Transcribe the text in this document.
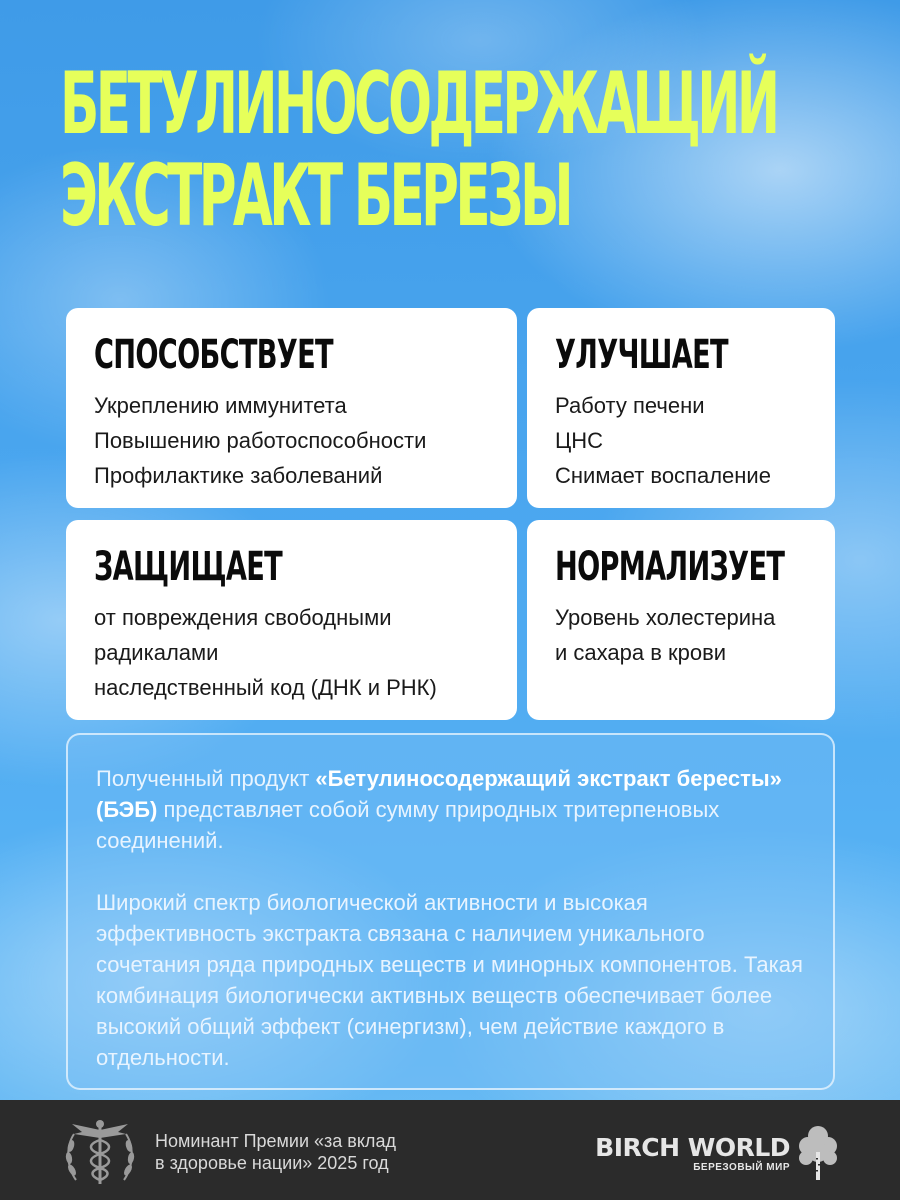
БЕТУЛИНОСОДЕРЖАЩИЙ
ЭКСТРАКТ БЕРЕЗЫ
СПОСОБСТВУЕТ
Укреплению иммунитета
Повышению работоспособности
Профилактике заболеваний
УЛУЧШАЕТ
Работу печени
ЦНС
Снимает воспаление
ЗАЩИЩАЕТ
от повреждения свободными
радикалами
наследственный код (ДНК и РНК)
НОРМАЛИЗУЕТ
Уровень холестерина
и сахара в крови

Полученный продукт «Бетулиносодержащий экстракт бересты» (БЭБ) представляет собой сумму природных тритерпеновых соединений.

Широкий спектр биологической активности и высокая эффективность экстракта связана с наличием уникального сочетания ряда природных веществ и минорных компонентов. Такая комбинация биологически активных веществ обеспечивает более высокий общий эффект (синергизм), чем действие каждого в отдельности.

Номинант Премии «за вклад
в здоровье нации» 2025 год
BIRCH WORLD
БЕРЕЗОВЫЙ МИР
